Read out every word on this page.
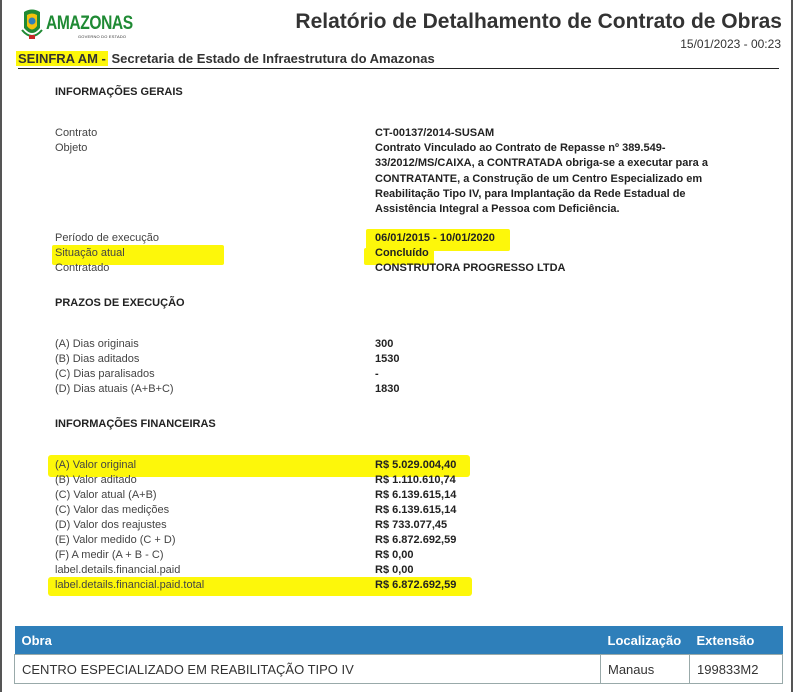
AMAZONAS
GOVERNO DO ESTADO
Relatório de Detalhamento de Contrato de Obras
15/01/2023 - 00:23
SEINFRA AM - Secretaria de Estado de Infraestrutura do Amazonas
INFORMAÇÕES GERAIS
Contrato	CT-00137/2014-SUSAM
Objeto	Contrato Vinculado ao Contrato de Repasse nº 389.549-33/2012/MS/CAIXA, a CONTRATADA obriga-se a executar para a CONTRATANTE, a Construção de um Centro Especializado em Reabilitação Tipo IV, para Implantação da Rede Estadual de Assistência Integral a Pessoa com Deficiência.
Período de execução	06/01/2015 - 10/01/2020
Situação atual	Concluído
Contratado	CONSTRUTORA PROGRESSO LTDA
PRAZOS DE EXECUÇÃO
(A) Dias originais	300
(B) Dias aditados	1530
(C) Dias paralisados	-
(D) Dias atuais (A+B+C)	1830
INFORMAÇÕES FINANCEIRAS
(A) Valor original	R$ 5.029.004,40
(B) Valor aditado	R$ 1.110.610,74
(C) Valor atual (A+B)	R$ 6.139.615,14
(C) Valor das medições	R$ 6.139.615,14
(D) Valor dos reajustes	R$ 733.077,45
(E) Valor medido (C + D)	R$ 6.872.692,59
(F) A medir (A + B - C)	R$ 0,00
label.details.financial.paid	R$ 0,00
label.details.financial.paid.total	R$ 6.872.692,59
Obra	Localização	Extensão
CENTRO ESPECIALIZADO EM REABILITAÇÃO TIPO IV	Manaus	199833M2
